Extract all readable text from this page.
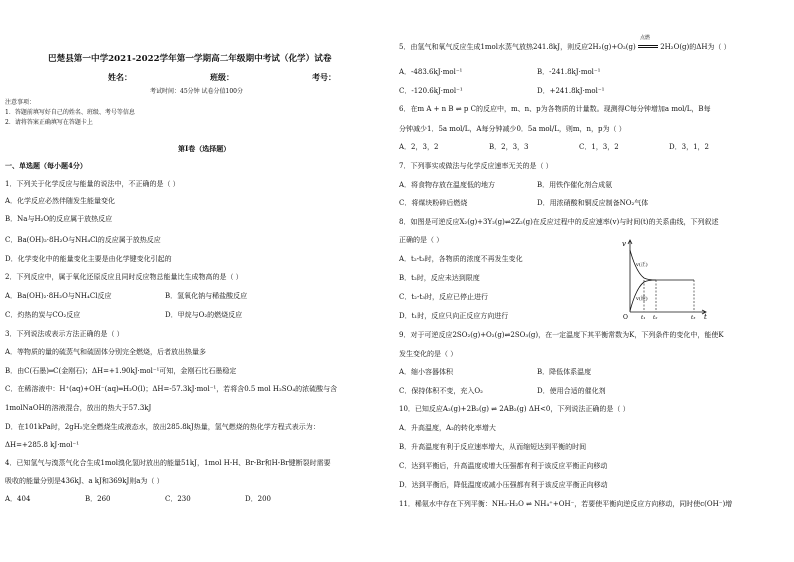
巴楚县第一中学2021-2022学年第一学期高二年级期中考试（化学）试卷
姓名：	班级：	考号：
考试时间：45分钟 试卷分值100分
注意事项：
1．答题前填写好自己的姓名、班级、考号等信息
2．请将答案正确填写在答题卡上
第I卷（选择题）
一、单选题（每小题4分）
1．下列关于化学反应与能量的说法中，不正确的是（ ）
A．化学反应必然伴随发生能量变化
B．Na与H₂O的反应属于放热反应
C．Ba(OH)₂·8H₂O与NH₄Cl的反应属于放热反应
D．化学变化中的能量变化主要是由化学键变化引起的
2．下列反应中，属于氧化还原反应且同时反应物总能量比生成物高的是（ ）
A．Ba(OH)₂·8H₂O与NH₄Cl反应	B．氢氧化钠与稀盐酸反应
C．灼热的炭与CO₂反应	D．甲烷与O₂的燃烧反应
3．下列说法或表示方法正确的是（ ）
A．等物质的量的硫蒸气和硫固体分别完全燃烧，后者放出热量多
B．由C(石墨)═C(金刚石)；ΔH=+1.90kJ·mol⁻¹可知，金刚石比石墨稳定
C．在稀溶液中：H⁺(aq)+OH⁻(aq)═H₂O(l)；ΔH=-57.3kJ·mol⁻¹，若将含0.5 mol H₂SO₄的浓硫酸与含
1molNaOH的溶液混合，放出的热大于57.3kJ
D．在101kPa时，2gH₂完全燃烧生成液态水，放出285.8kJ热量，氢气燃烧的热化学方程式表示为：
ΔH=+285.8 kJ·mol⁻¹
4．已知氢气与溴蒸气化合生成1mol溴化氢时放出的能量51kJ，1mol H-H、Br-Br和H-Br键断裂时需要
吸收的能量分别是436kJ、a kJ和369kJ则a为（ ）
A．404	B．260	C．230	D．200
5．由氢气和氧气反应生成1mol水蒸气放热241.8kJ，则反应2H₂(g)+O₂(g)
点燃
2H₂O(g)的ΔH为（ ）
A．-483.6kJ·mol⁻¹	B．-241.8kJ·mol⁻¹
C．-120.6kJ·mol⁻¹	D．+241.8kJ·mol⁻¹
6．在m A + n B ⇌ p C的反应中，m、n、p为各物质的计量数。现测得C每分钟增加a mol/L，B每
分钟减少1．5a mol/L，A每分钟减少0．5a mol/L，则m，n，p为（ ）
A．2，3，2	B．2，3，3	C．1，3，2	D．3，1，2
7．下列事实或做法与化学反应速率无关的是（ ）
A．将食物存放在温度低的地方	B．用铁作催化剂合成氨
C．将煤块粉碎后燃烧	D．用浓硝酸和铜反应制备NO₂气体
8．如图是可逆反应X₂(g)+3Y₂(g)⇌2Z₂(g)在反应过程中的反应速率(v)与时间(t)的关系曲线，下列叙述
正确的是（ ）
A．t₂-t₃时，各物质的浓度不再发生变化
B．t₂时，反应未达到限度
C．t₂-t₃时，反应已停止进行
D．t₁时，反应只向正反应方向进行
v
t
O
v(正)
v(逆)
t₁ t₂	t₃
9．对于可逆反应2SO₂(g)+O₂(g)⇌2SO₃(g)，在一定温度下其平衡常数为K，下列条件的变化中，能使K
发生变化的是（ ）
A．缩小容器体积	B．降低体系温度
C．保持体积不变，充入O₂	D．使用合适的催化剂
10．已知反应A₂(g)+2B₂(g) ⇌ 2AB₂(g) ΔH<0，下列说法正确的是（ ）
A．升高温度，A₂的转化率增大
B．升高温度有利于反应速率增大，从而缩短达到平衡的时间
C．达到平衡后，升高温度或增大压强都有利于该反应平衡正向移动
D．达到平衡后，降低温度或减小压强都有利于该反应平衡正向移动
11．稀氨水中存在下列平衡：NH₃·H₂O ⇌ NH₄⁺+OH⁻，若要使平衡向逆反应方向移动，同时使c(OH⁻)增
